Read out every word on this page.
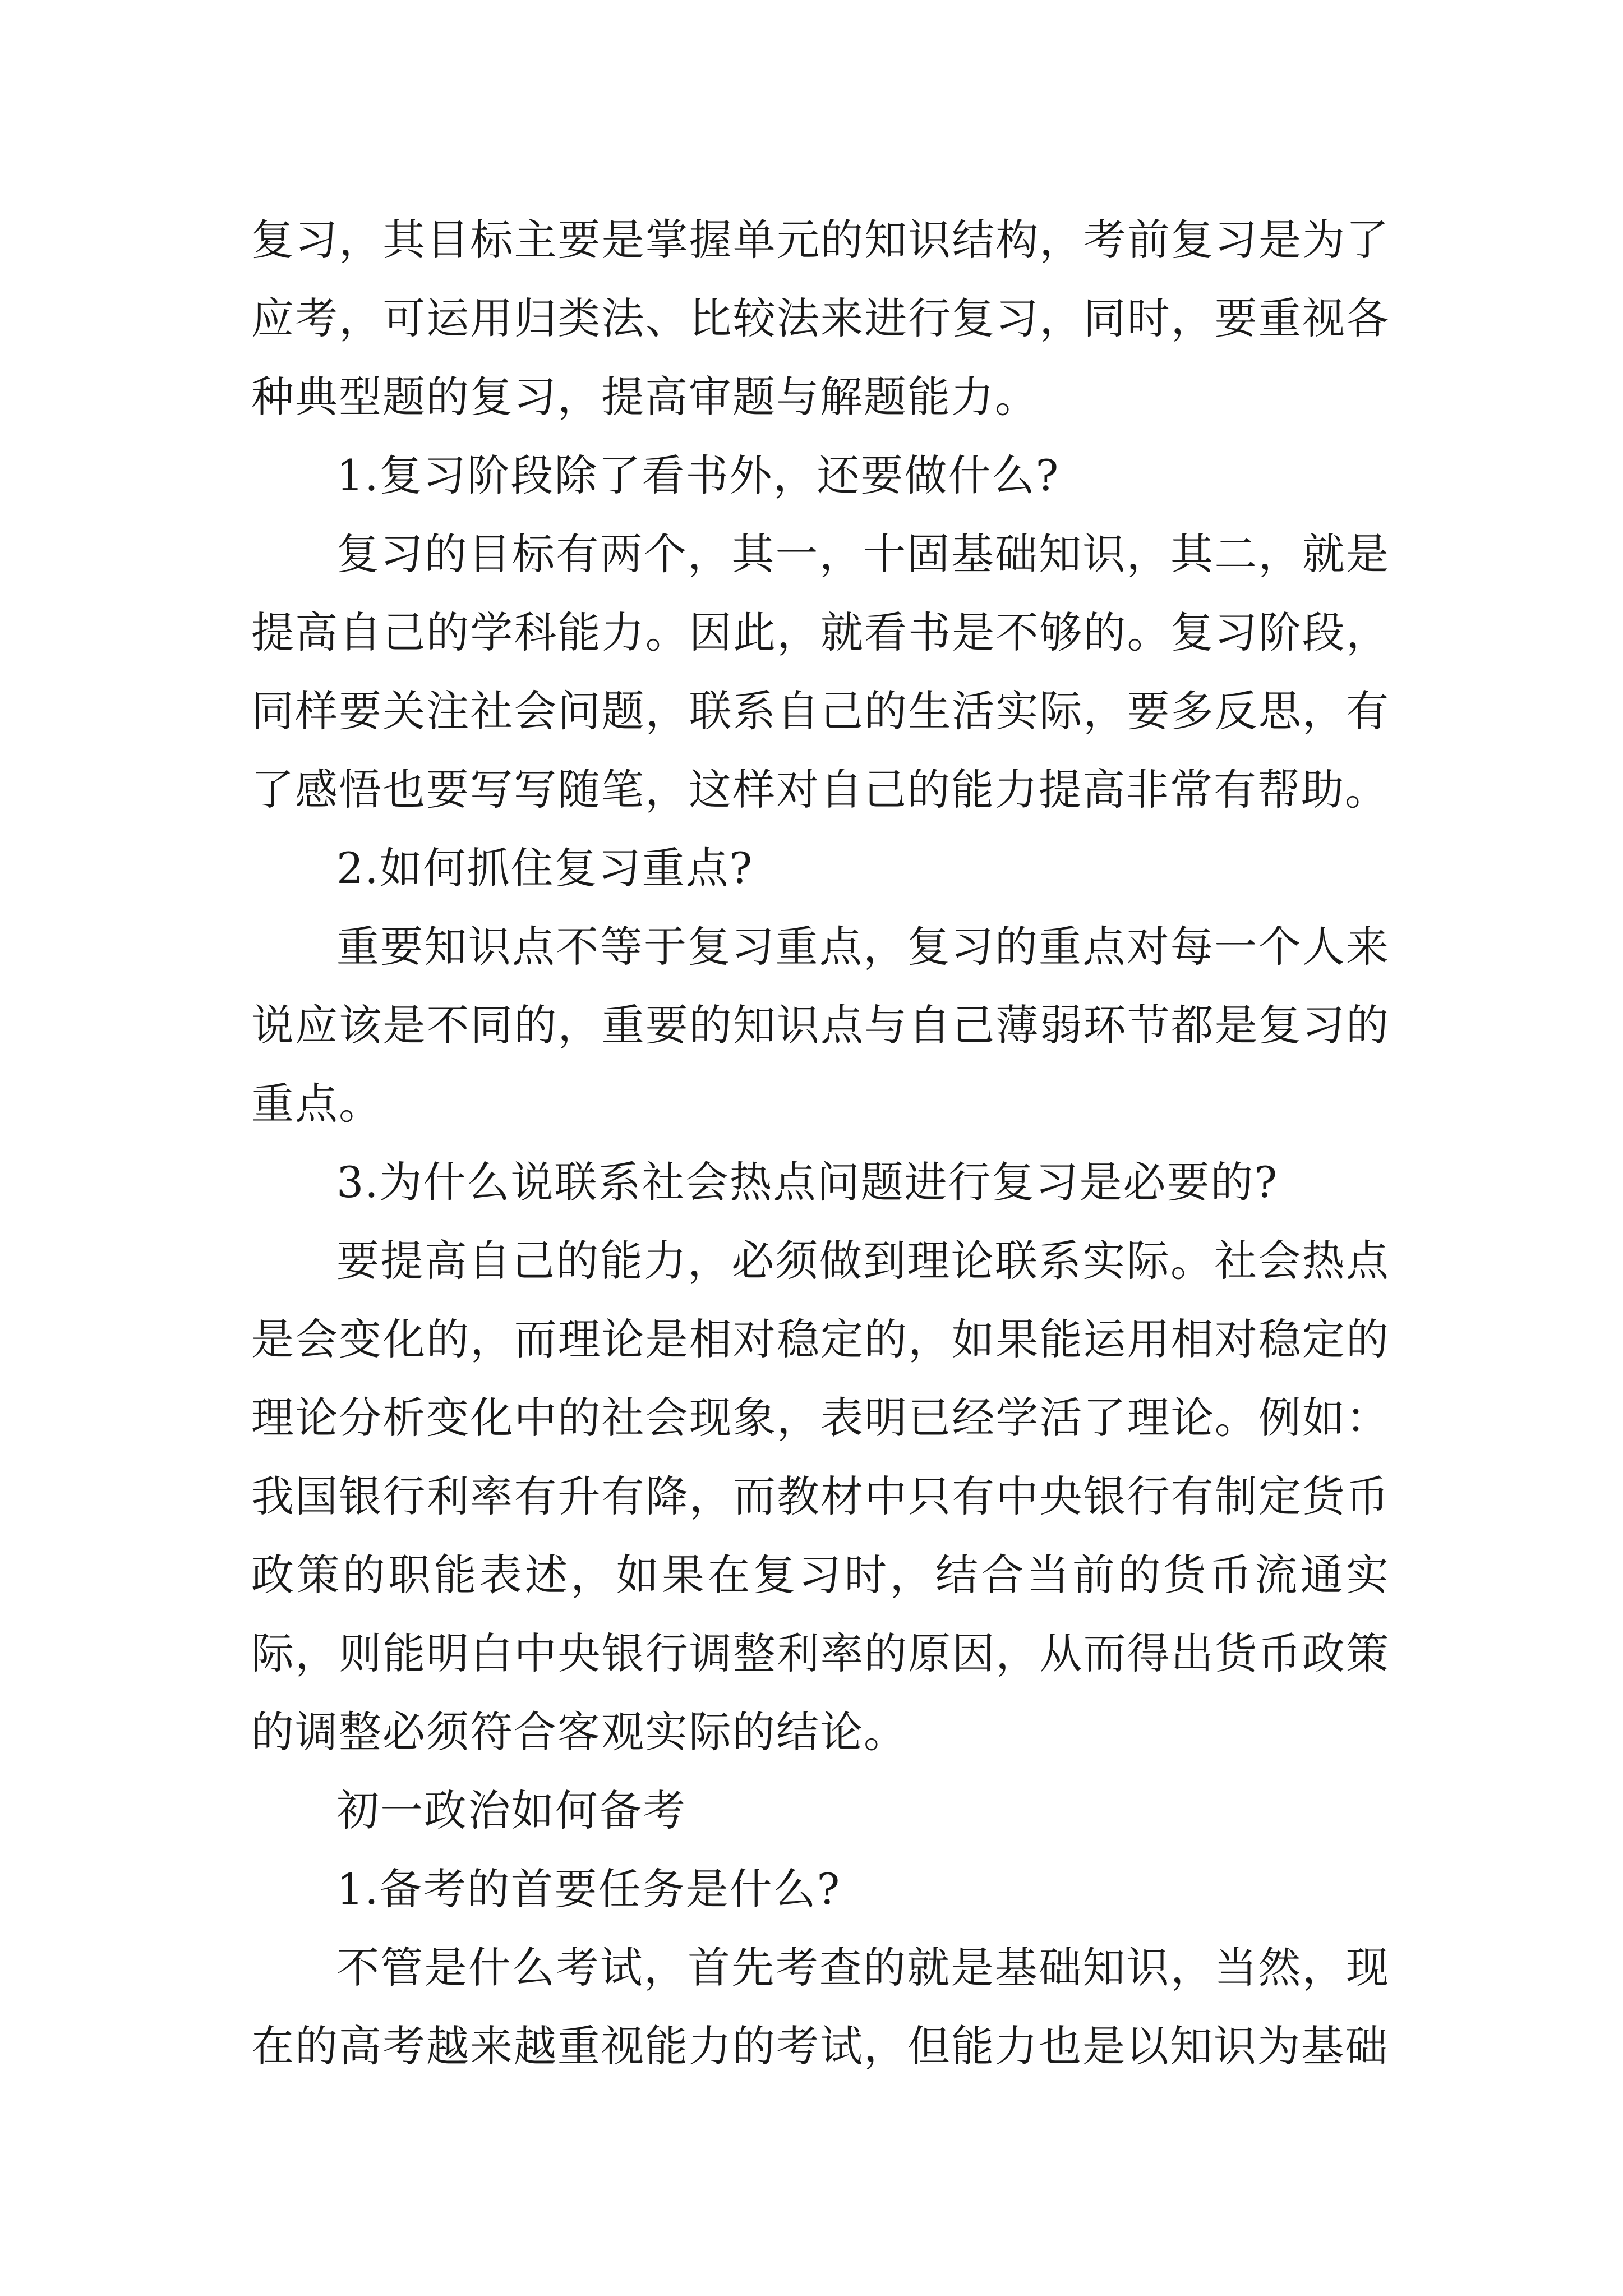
复习，其目标主要是掌握单元的知识结构，考前复习是为了应考，可运用归类法、比较法来进行复习，同时，要重视各种典型题的复习，提高审题与解题能力。

1.复习阶段除了看书外，还要做什么?

复习的目标有两个，其一，十固基础知识，其二，就是提高自己的学科能力。因此，就看书是不够的。复习阶段，同样要关注社会问题，联系自己的生活实际，要多反思，有了感悟也要写写随笔，这样对自己的能力提高非常有帮助。

2.如何抓住复习重点?

重要知识点不等于复习重点，复习的重点对每一个人来说应该是不同的，重要的知识点与自己薄弱环节都是复习的重点。

3.为什么说联系社会热点问题进行复习是必要的?

要提高自己的能力，必须做到理论联系实际。社会热点是会变化的，而理论是相对稳定的，如果能运用相对稳定的理论分析变化中的社会现象，表明已经学活了理论。例如：我国银行利率有升有降，而教材中只有中央银行有制定货币政策的职能表述，如果在复习时，结合当前的货币流通实际，则能明白中央银行调整利率的原因，从而得出货币政策的调整必须符合客观实际的结论。

初一政治如何备考

1.备考的首要任务是什么?

不管是什么考试，首先考查的就是基础知识，当然，现在的高考越来越重视能力的考试，但能力也是以知识为基础
